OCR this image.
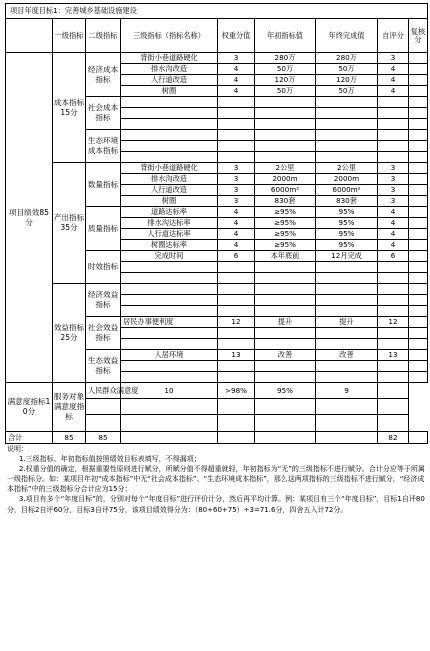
项目年度目标1：完善城乡基础设施建设								
	一级指标	二级指标	三级指标（指标名称）	权重分值	年初指标值	年终完成值	自评分	复核分
项目绩效85分	成本指标15分	经济成本指标	背街小巷道路硬化	3	280万	280万	3	
			排水沟改造	4	50万	50万	4	
			人行道改造	4	120万	120万	4	
			树圈	4	50万	50万	4	
		社会成本指标						

		生态环境成本指标						

	产出指标35分	数量指标	背街小巷道路硬化	3	2公里	2公里	3	
			排水沟改造	3	2000m	2000m	3	
			人行道改造	3	6000m²	6000m²	3	
			树圈	3	830套	830套	3	
		质量指标	道路达标率	4	≥95%	95%	4	
			排水沟达标率	4	≥95%	95%	4	
			人行道达标率	4	≥95%	95%	4	
			树圈达标率	4	≥95%	95%	4	
		时效指标	完成时间	6	本年底前	12月完成	6	

	效益指标25分	经济效益指标						

		社会效益指标	居民办事便利度	12	提升	提升	12	

		生态效益指标	人居环境	13	改善	改善	13	

满意度指标10分	服务对象满意度指标	人民群众满意度	10	>98%	95%	9		

合计	85	85					82	

说明：

1.三级指标、年初指标值按照绩效目标表填写，不得漏项；

2.权重分值的确定，根据重要性原则进行赋分，所赋分值不得超重就轻，年初指标为“无”的三级指标不进行赋分。合计分应等于所属一级指标分。如：某项目年初“成本指标”中无“社会成本指标”、“生态环境成本指标”，那么这两项指标的三级指标不进行赋分，“经济成本指标”中的三级指标分合计应为15分；

3.项目有多个“年度目标”的，分别对每个“年度目标”进行评价计分，然后再平均计算。例：某项目有三个“年度目标”，目标1自评80分，目标2自评60分，目标3自评75分，该项目绩效得分为：（80+60+75）÷3=71.6分，四舍五入计72分。
